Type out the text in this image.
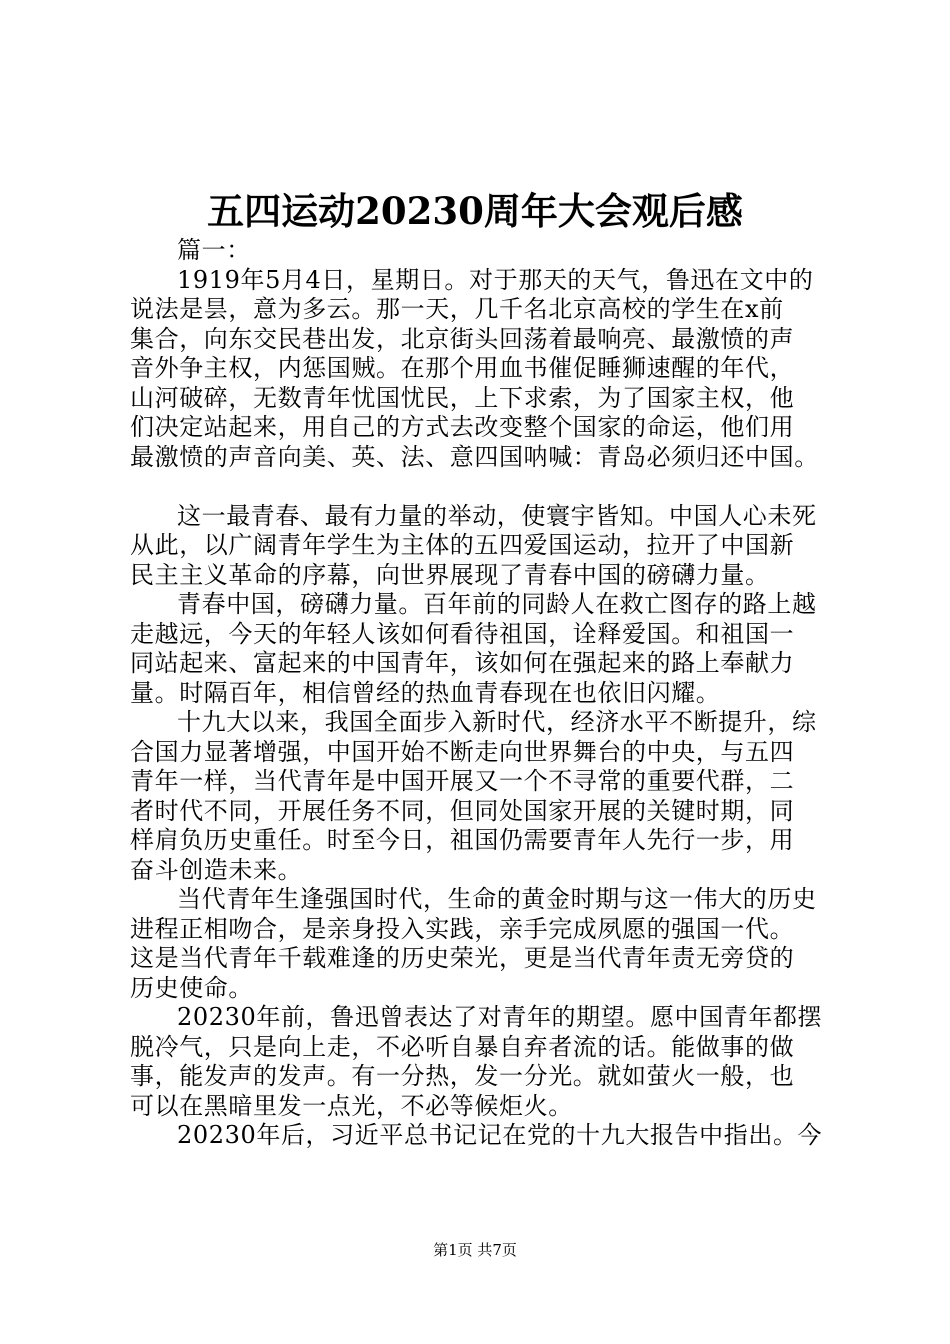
五四运动20230周年大会观后感
篇一：
1919年5月4日，星期日。对于那天的天气，鲁迅在文中的
说法是昙，意为多云。那一天，几千名北京高校的学生在x前
集合，向东交民巷出发，北京街头回荡着最响亮、最激愤的声
音外争主权，内惩国贼。在那个用血书催促睡狮速醒的年代，
山河破碎，无数青年忧国忧民，上下求索，为了国家主权，他
们决定站起来，用自己的方式去改变整个国家的命运，他们用
最激愤的声音向美、英、法、意四国呐喊：青岛必须归还中国。
这一最青春、最有力量的举动，使寰宇皆知。中国人心未死
从此，以广阔青年学生为主体的五四爱国运动，拉开了中国新
民主主义革命的序幕，向世界展现了青春中国的磅礴力量。
青春中国，磅礴力量。百年前的同龄人在救亡图存的路上越
走越远，今天的年轻人该如何看待祖国，诠释爱国。和祖国一
同站起来、富起来的中国青年，该如何在强起来的路上奉献力
量。时隔百年，相信曾经的热血青春现在也依旧闪耀。
十九大以来，我国全面步入新时代，经济水平不断提升，综
合国力显著增强，中国开始不断走向世界舞台的中央，与五四
青年一样，当代青年是中国开展又一个不寻常的重要代群，二
者时代不同，开展任务不同，但同处国家开展的关键时期，同
样肩负历史重任。时至今日，祖国仍需要青年人先行一步，用
奋斗创造未来。
当代青年生逢强国时代，生命的黄金时期与这一伟大的历史
进程正相吻合，是亲身投入实践，亲手完成夙愿的强国一代。
这是当代青年千载难逢的历史荣光，更是当代青年责无旁贷的
历史使命。
20230年前，鲁迅曾表达了对青年的期望。愿中国青年都摆
脱冷气，只是向上走，不必听自暴自弃者流的话。能做事的做
事，能发声的发声。有一分热，发一分光。就如萤火一般，也
可以在黑暗里发一点光，不必等候炬火。
20230年后，习近平总书记记在党的十九大报告中指出。今
第1页 共7页
